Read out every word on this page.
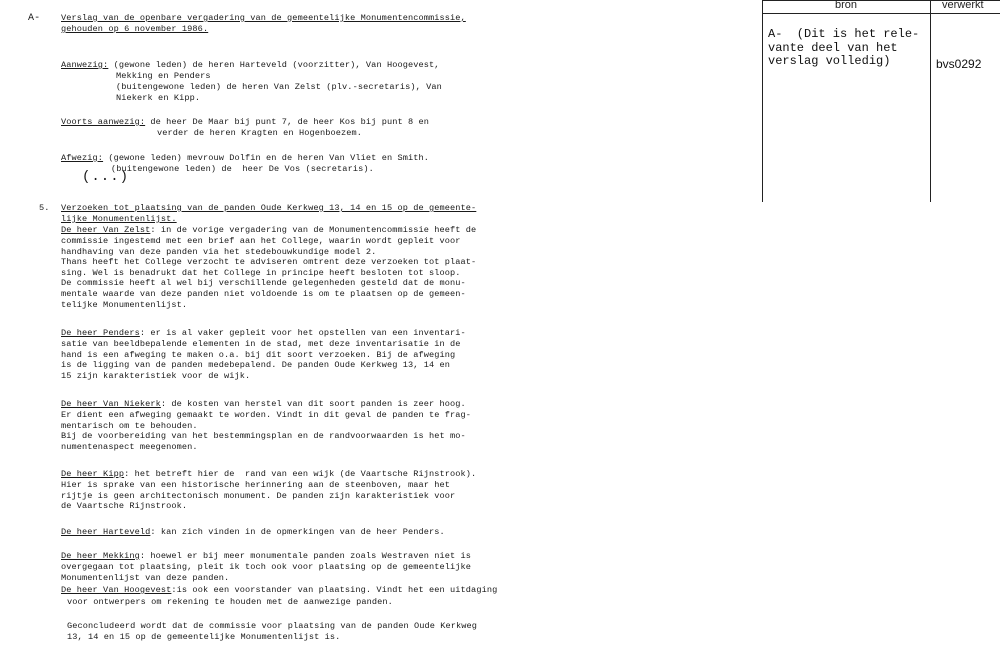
A- Verslag van de openbare vergadering van de gemeentelijke Monumentencommissie,
gehouden op 6 november 1986.
Aanwezig: (gewone leden) de heren Harteveld (voorzitter), Van Hoogevest,
Mekking en Penders
(buitengewone leden) de heren Van Zelst (plv.-secretaris), Van
Niekerk en Kipp.
Voorts aanwezig: de heer De Maar bij punt 7, de heer Kos bij punt 8 en
verder de heren Kragten en Hogenboezem.
Afwezig: (gewone leden) mevrouw Dolfin en de heren Van Vliet en Smith.
(buitengewone leden) de  heer De Vos (secretaris).
(...)
5. Verzoeken tot plaatsing van de panden Oude Kerkweg 13, 14 en 15 op de gemeente-
lijke Monumentenlijst.
De heer Van Zelst: in de vorige vergadering van de Monumentencommissie heeft de
commissie ingestemd met een brief aan het College, waarin wordt gepleit voor
handhaving van deze panden via het stedebouwkundige model 2.
Thans heeft het College verzocht te adviseren omtrent deze verzoeken tot plaat-
sing. Wel is benadrukt dat het College in principe heeft besloten tot sloop.
De commissie heeft al wel bij verschillende gelegenheden gesteld dat de monu-
mentale waarde van deze panden niet voldoende is om te plaatsen op de gemeen-
telijke Monumentenlijst.
De heer Penders: er is al vaker gepleit voor het opstellen van een inventari-
satie van beeldbepalende elementen in de stad, met deze inventarisatie in de
hand is een afweging te maken o.a. bij dit soort verzoeken. Bij de afweging
is de ligging van de panden medebepalend. De panden Oude Kerkweg 13, 14 en
15 zijn karakteristiek voor de wijk.
De heer Van Niekerk: de kosten van herstel van dit soort panden is zeer hoog.
Er dient een afweging gemaakt te worden. Vindt in dit geval de panden te frag-
mentarisch om te behouden.
Bij de voorbereiding van het bestemmingsplan en de randvoorwaarden is het mo-
numentenaspect meegenomen.
De heer Kipp: het betreft hier de  rand van een wijk (de Vaartsche Rijnstrook).
Hier is sprake van een historische herinnering aan de steenboven, maar het
rijtje is geen architectonisch monument. De panden zijn karakteristiek voor
de Vaartsche Rijnstrook.
De heer Harteveld: kan zich vinden in de opmerkingen van de heer Penders.
De heer Mekking: hoewel er bij meer monumentale panden zoals Westraven niet is
overgegaan tot plaatsing, pleit ik toch ook voor plaatsing op de gemeentelijke
Monumentenlijst van deze panden.
De heer Van Hoogevest:is ook een voorstander van plaatsing. Vindt het een uitdaging
voor ontwerpers om rekening te houden met de aanwezige panden.
Geconcludeerd wordt dat de commissie voor plaatsing van de panden Oude Kerkweg
13, 14 en 15 op de gemeentelijke Monumentenlijst is.
bron	verwerkt
A-  (Dit is het rele-
vante deel van het
verslag volledig)	bvs0292
